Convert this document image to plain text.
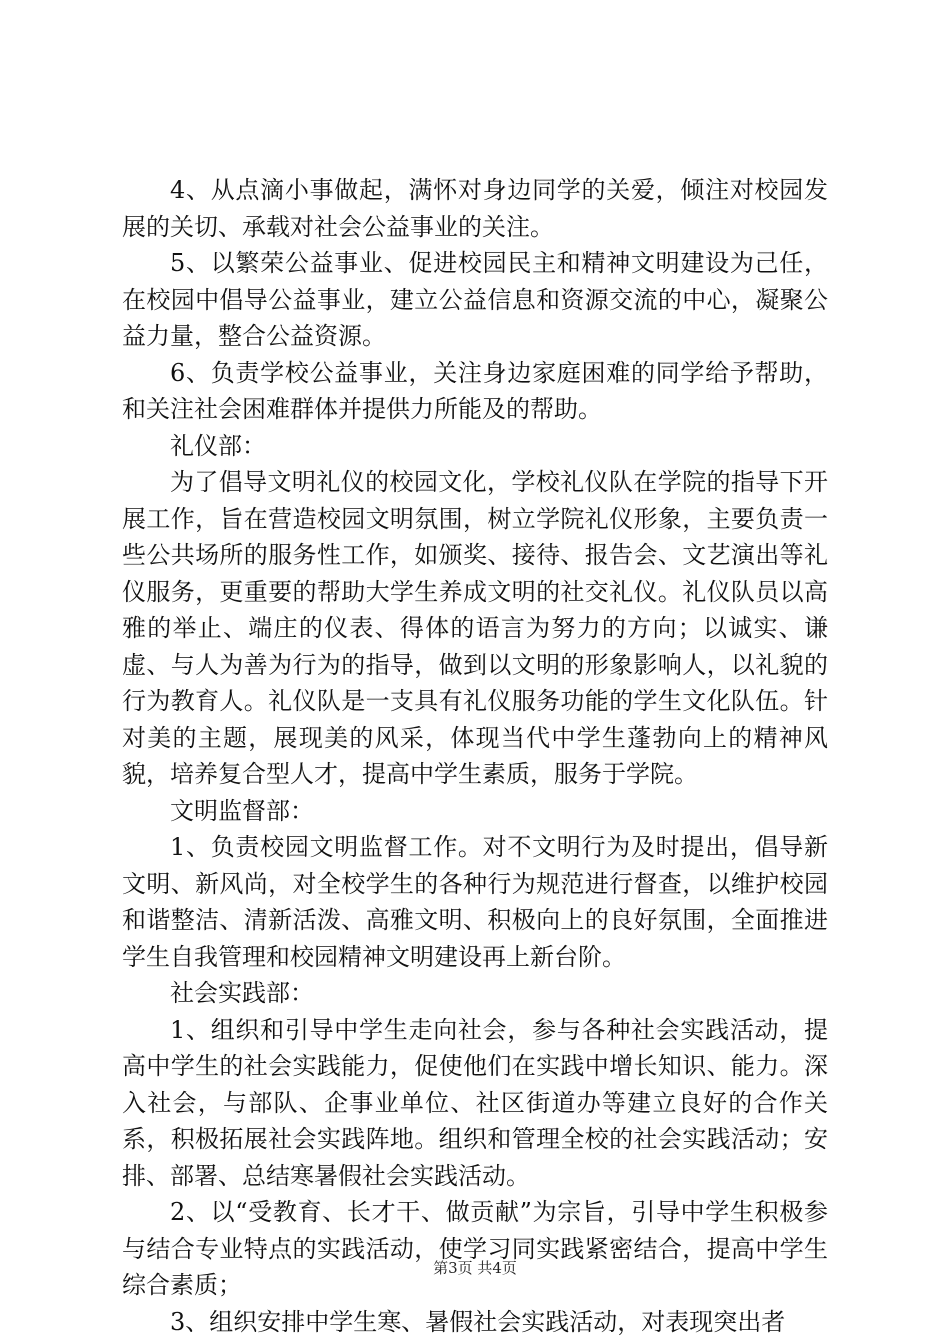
4、从点滴小事做起，满怀对身边同学的关爱，倾注对校园发展的关切、承载对社会公益事业的关注。

5、以繁荣公益事业、促进校园民主和精神文明建设为己任，在校园中倡导公益事业，建立公益信息和资源交流的中心，凝聚公益力量，整合公益资源。

6、负责学校公益事业，关注身边家庭困难的同学给予帮助，和关注社会困难群体并提供力所能及的帮助。

礼仪部：

为了倡导文明礼仪的校园文化，学校礼仪队在学院的指导下开展工作，旨在营造校园文明氛围，树立学院礼仪形象，主要负责一些公共场所的服务性工作，如颁奖、接待、报告会、文艺演出等礼仪服务，更重要的帮助大学生养成文明的社交礼仪。礼仪队员以高雅的举止、端庄的仪表、得体的语言为努力的方向；以诚实、谦虚、与人为善为行为的指导，做到以文明的形象影响人，以礼貌的行为教育人。礼仪队是一支具有礼仪服务功能的学生文化队伍。针对美的主题，展现美的风采，体现当代中学生蓬勃向上的精神风貌，培养复合型人才，提高中学生素质，服务于学院。

文明监督部：

1、负责校园文明监督工作。对不文明行为及时提出，倡导新文明、新风尚，对全校学生的各种行为规范进行督查，以维护校园和谐整洁、清新活泼、高雅文明、积极向上的良好氛围，全面推进学生自我管理和校园精神文明建设再上新台阶。

社会实践部：

1、组织和引导中学生走向社会，参与各种社会实践活动，提高中学生的社会实践能力，促使他们在实践中增长知识、能力。深入社会，与部队、企事业单位、社区街道办等建立良好的合作关系，积极拓展社会实践阵地。组织和管理全校的社会实践活动；安排、部署、总结寒暑假社会实践活动。

2、以“受教育、长才干、做贡献”为宗旨，引导中学生积极参与结合专业特点的实践活动，使学习同实践紧密结合，提高中学生综合素质；

3、组织安排中学生寒、暑假社会实践活动，对表现突出者

第3页 共4页
